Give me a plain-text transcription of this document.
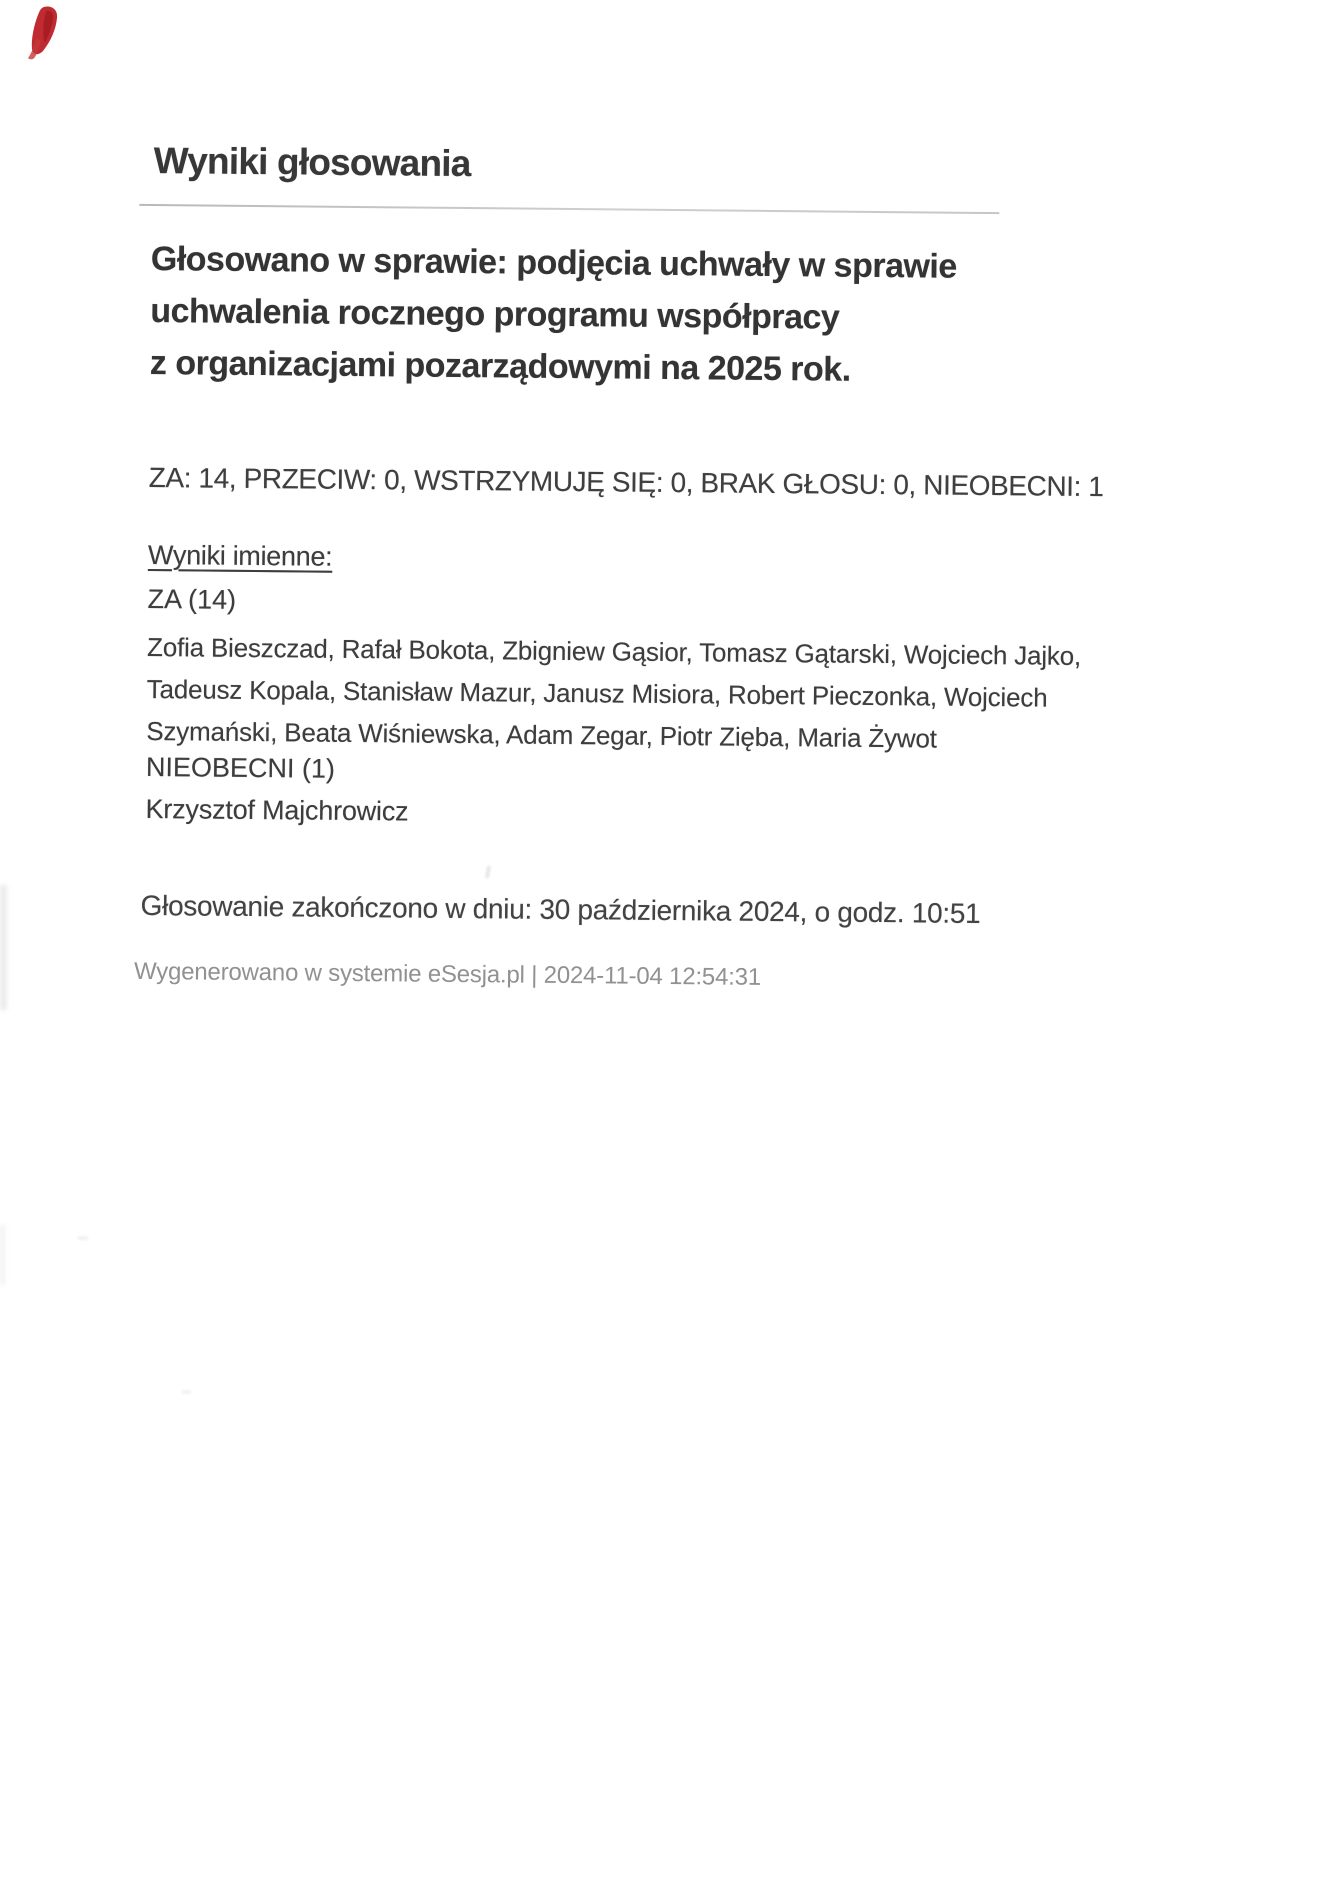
Wyniki głosowania
Głosowano w sprawie: podjęcia uchwały w sprawie
uchwalenia rocznego programu współpracy
z organizacjami pozarządowymi na 2025 rok.
ZA: 14, PRZECIW: 0, WSTRZYMUJĘ SIĘ: 0, BRAK GŁOSU: 0, NIEOBECNI: 1
Wyniki imienne:
ZA (14)
Zofia Bieszczad, Rafał Bokota, Zbigniew Gąsior, Tomasz Gątarski, Wojciech Jajko,
Tadeusz Kopala, Stanisław Mazur, Janusz Misiora, Robert Pieczonka, Wojciech
Szymański, Beata Wiśniewska, Adam Zegar, Piotr Zięba, Maria Żywot
NIEOBECNI (1)
Krzysztof Majchrowicz
Głosowanie zakończono w dniu: 30 października 2024, o godz. 10:51
Wygenerowano w systemie eSesja.pl | 2024-11-04 12:54:31
